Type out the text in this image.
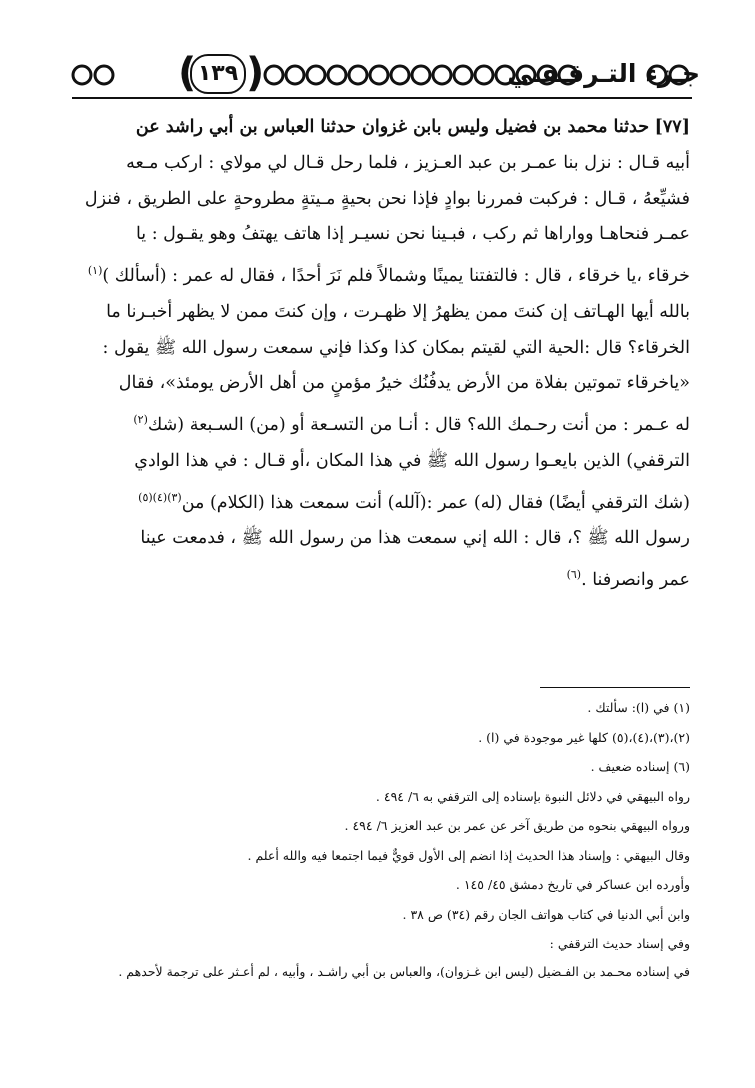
( ١٣٩ )	جـزء التـرقـفـي

[٧٧] حدثنا محمد بن فضيل وليس بابن غزوان حدثنا العباس بن أبي راشد عن

أبيه قـال : نزل بنا عمـر بن عبد العـزيز ، فلما رحل قـال لي مولاي : اركب مـعه

فشيِّعهُ ، قـال : فركبت فمررنا بوادٍ فإذا نحن بحيةٍ مـيتةٍ مطروحةٍ على الطريق ، فنزل

عمـر فنحاهـا وواراها ثم ركب ، فبـينا نحن نسيـر إذا هاتف يهتفُ وهو يقـول : يا

خرقاء ،يا خرقاء ، قال : فالتفتنا يمينًا وشمالاً فلم نَرَ أحدًا ، فقال له عمر : (أسألك )$^{(١)}$

بالله أيها الهـاتف إن كنتَ ممن يظهرُ إلا ظهـرت ، وإن كنتَ ممن لا يظهر أخبـرنا ما

الخرقاء؟ قال :الحية التي لقيتم بمكان كذا وكذا فإني سمعت رسول الله ﷺ يقول :

«ياخرقاء تموتين بفلاة من الأرض يدفُنُك خيرُ مؤمنٍ من أهل الأرض يومئذ»، فقال

له عـمر : من أنت رحـمك الله؟ قال : أنـا من التسـعة أو (من) السـبعة (شك$^{(٢)}$

الترقفي) الذين بايعـوا رسول الله ﷺ في هذا المكان ،أو قـال : في هذا الوادي

(شك الترقفي أيضًا) فقال (له) عمر :(آلله) أنت سمعت هذا (الكلام) من$^{(٣)(٤)(٥)}$

رسول الله ﷺ ؟، قال : الله إني سمعت هذا من رسول الله ﷺ ، فدمعت عينا

عمر وانصرفنا .$^{(٦)}$

(١) في (ا): سألتك .
(٢)،(٣)،(٤)،(٥) كلها غير موجودة في (ا) .
(٦) إسناده ضعيف .
رواه البيهقي في دلائل النبوة بإسناده إلى الترقفي به ٦/ ٤٩٤ .
ورواه البيهقي بنحوه من طريق آخر عن عمر بن عبد العزيز ٦/ ٤٩٤ .
وقال البيهقي : وإسناد هذا الحديث إذا انضم إلى الأول قويٌّ فيما اجتمعا فيه والله أعلم .
وأورده ابن عساكر في تاريخ دمشق ٤٥/ ١٤٥ .
وابن أبي الدنيا في كتاب هواتف الجان رقم (٣٤) ص ٣٨ .
وفي إسناد حديث الترقفي :
في إسناده محـمد بن الفـضيل (ليس ابن غـزوان)، والعباس بن أبي راشـد ، وأبيه ، لم أعـثر على ترجمة لأحدهم .
